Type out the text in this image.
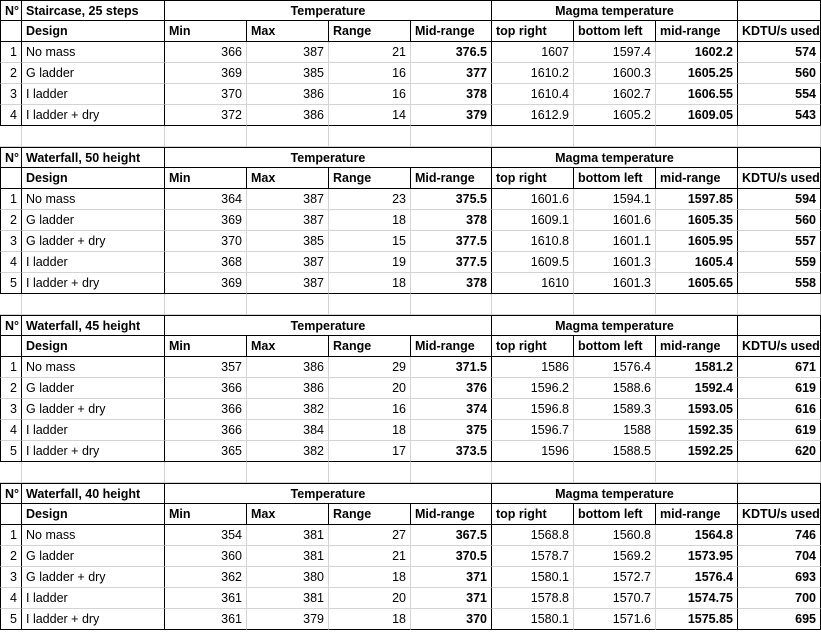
N° Staircase, 25 steps	Temperature	Magma temperature
Design	Min	Max	Range	Mid-range	top right	bottom left	mid-range	KDTU/s used
1 No mass	366	387	21	376.5	1607	1597.4	1602.2	574
2 G ladder	369	385	16	377	1610.2	1600.3	1605.25	560
3 I ladder	370	386	16	378	1610.4	1602.7	1606.55	554
4 I ladder + dry	372	386	14	379	1612.9	1605.2	1609.05	543
N° Waterfall, 50 height	Temperature	Magma temperature
Design	Min	Max	Range	Mid-range	top right	bottom left	mid-range	KDTU/s used
1 No mass	364	387	23	375.5	1601.6	1594.1	1597.85	594
2 G ladder	369	387	18	378	1609.1	1601.6	1605.35	560
3 G ladder + dry	370	385	15	377.5	1610.8	1601.1	1605.95	557
4 I ladder	368	387	19	377.5	1609.5	1601.3	1605.4	559
5 I ladder + dry	369	387	18	378	1610	1601.3	1605.65	558
N° Waterfall, 45 height	Temperature	Magma temperature
Design	Min	Max	Range	Mid-range	top right	bottom left	mid-range	KDTU/s used
1 No mass	357	386	29	371.5	1586	1576.4	1581.2	671
2 G ladder	366	386	20	376	1596.2	1588.6	1592.4	619
3 G ladder + dry	366	382	16	374	1596.8	1589.3	1593.05	616
4 I ladder	366	384	18	375	1596.7	1588	1592.35	619
5 I ladder + dry	365	382	17	373.5	1596	1588.5	1592.25	620
N° Waterfall, 40 height	Temperature	Magma temperature
Design	Min	Max	Range	Mid-range	top right	bottom left	mid-range	KDTU/s used
1 No mass	354	381	27	367.5	1568.8	1560.8	1564.8	746
2 G ladder	360	381	21	370.5	1578.7	1569.2	1573.95	704
3 G ladder + dry	362	380	18	371	1580.1	1572.7	1576.4	693
4 I ladder	361	381	20	371	1578.8	1570.7	1574.75	700
5 I ladder + dry	361	379	18	370	1580.1	1571.6	1575.85	695
